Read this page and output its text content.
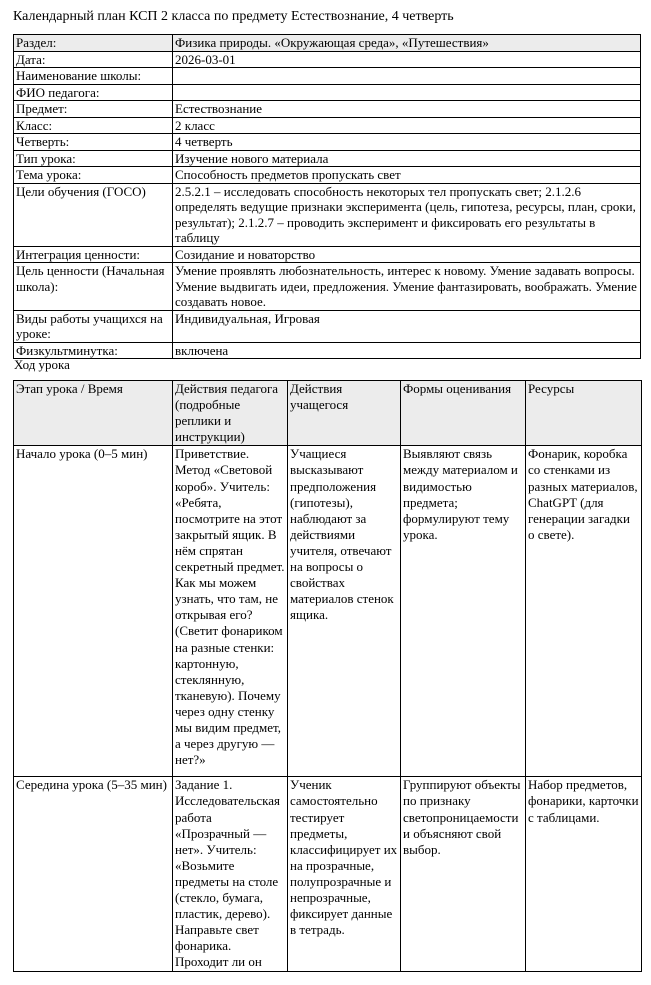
Календарный план КСП 2 класса по предмету Естествознание, 4 четверть
Раздел:	Физика природы. «Окружающая среда», «Путешествия»
Дата:	2026-03-01
Наименование школы:	
ФИО педагога:	
Предмет:	Естествознание
Класс:	2 класс
Четверть:	4 четверть
Тип урока:	Изучение нового материала
Тема урока:	Способность предметов пропускать свет
Цели обучения (ГОСО)	2.5.2.1 – исследовать способность некоторых тел пропускать свет; 2.1.2.6 определять ведущие признаки эксперимента (цель, гипотеза, ресурсы, план, сроки, результат); 2.1.2.7 – проводить эксперимент и фиксировать его результаты в таблицу
Интеграция ценности:	Созидание и новаторство
Цель ценности (Начальная школа):	Умение проявлять любознательность, интерес к новому. Умение задавать вопросы. Умение выдвигать идеи, предложения. Умение фантазировать, воображать. Умение создавать новое.
Виды работы учащихся на уроке:	Индивидуальная, Игровая
Физкультминутка:	включена
Ход урока
Этап урока / Время	Действия педагога (подробные реплики и инструкции)	Действия учащегося	Формы оценивания	Ресурсы
Начало урока (0–5 мин)	Приветствие. Метод «Световой короб». Учитель: «Ребята, посмотрите на этот закрытый ящик. В нём спрятан секретный предмет. Как мы можем узнать, что там, не открывая его? (Светит фонариком на разные стенки: картонную, стеклянную, тканевую). Почему через одну стенку мы видим предмет, а через другую — нет?»	Учащиеся высказывают предположения (гипотезы), наблюдают за действиями учителя, отвечают на вопросы о свойствах материалов стенок ящика.	Выявляют связь между материалом и видимостью предмета; формулируют тему урока.	Фонарик, коробка со стенками из разных материалов, ChatGPT (для генерации загадки о свете).
Середина урока (5–35 мин)	Задание 1. Исследовательская работа «Прозрачный — нет». Учитель: «Возьмите предметы на столе (стекло, бумага, пластик, дерево). Направьте свет фонарика. Проходит ли он	Ученик самостоятельно тестирует предметы, классифицирует их на прозрачные, полупрозрачные и непрозрачные, фиксирует данные в тетрадь.	Группируют объекты по признаку светопроницаемости и объясняют свой выбор.	Набор предметов, фонарики, карточки с таблицами.
